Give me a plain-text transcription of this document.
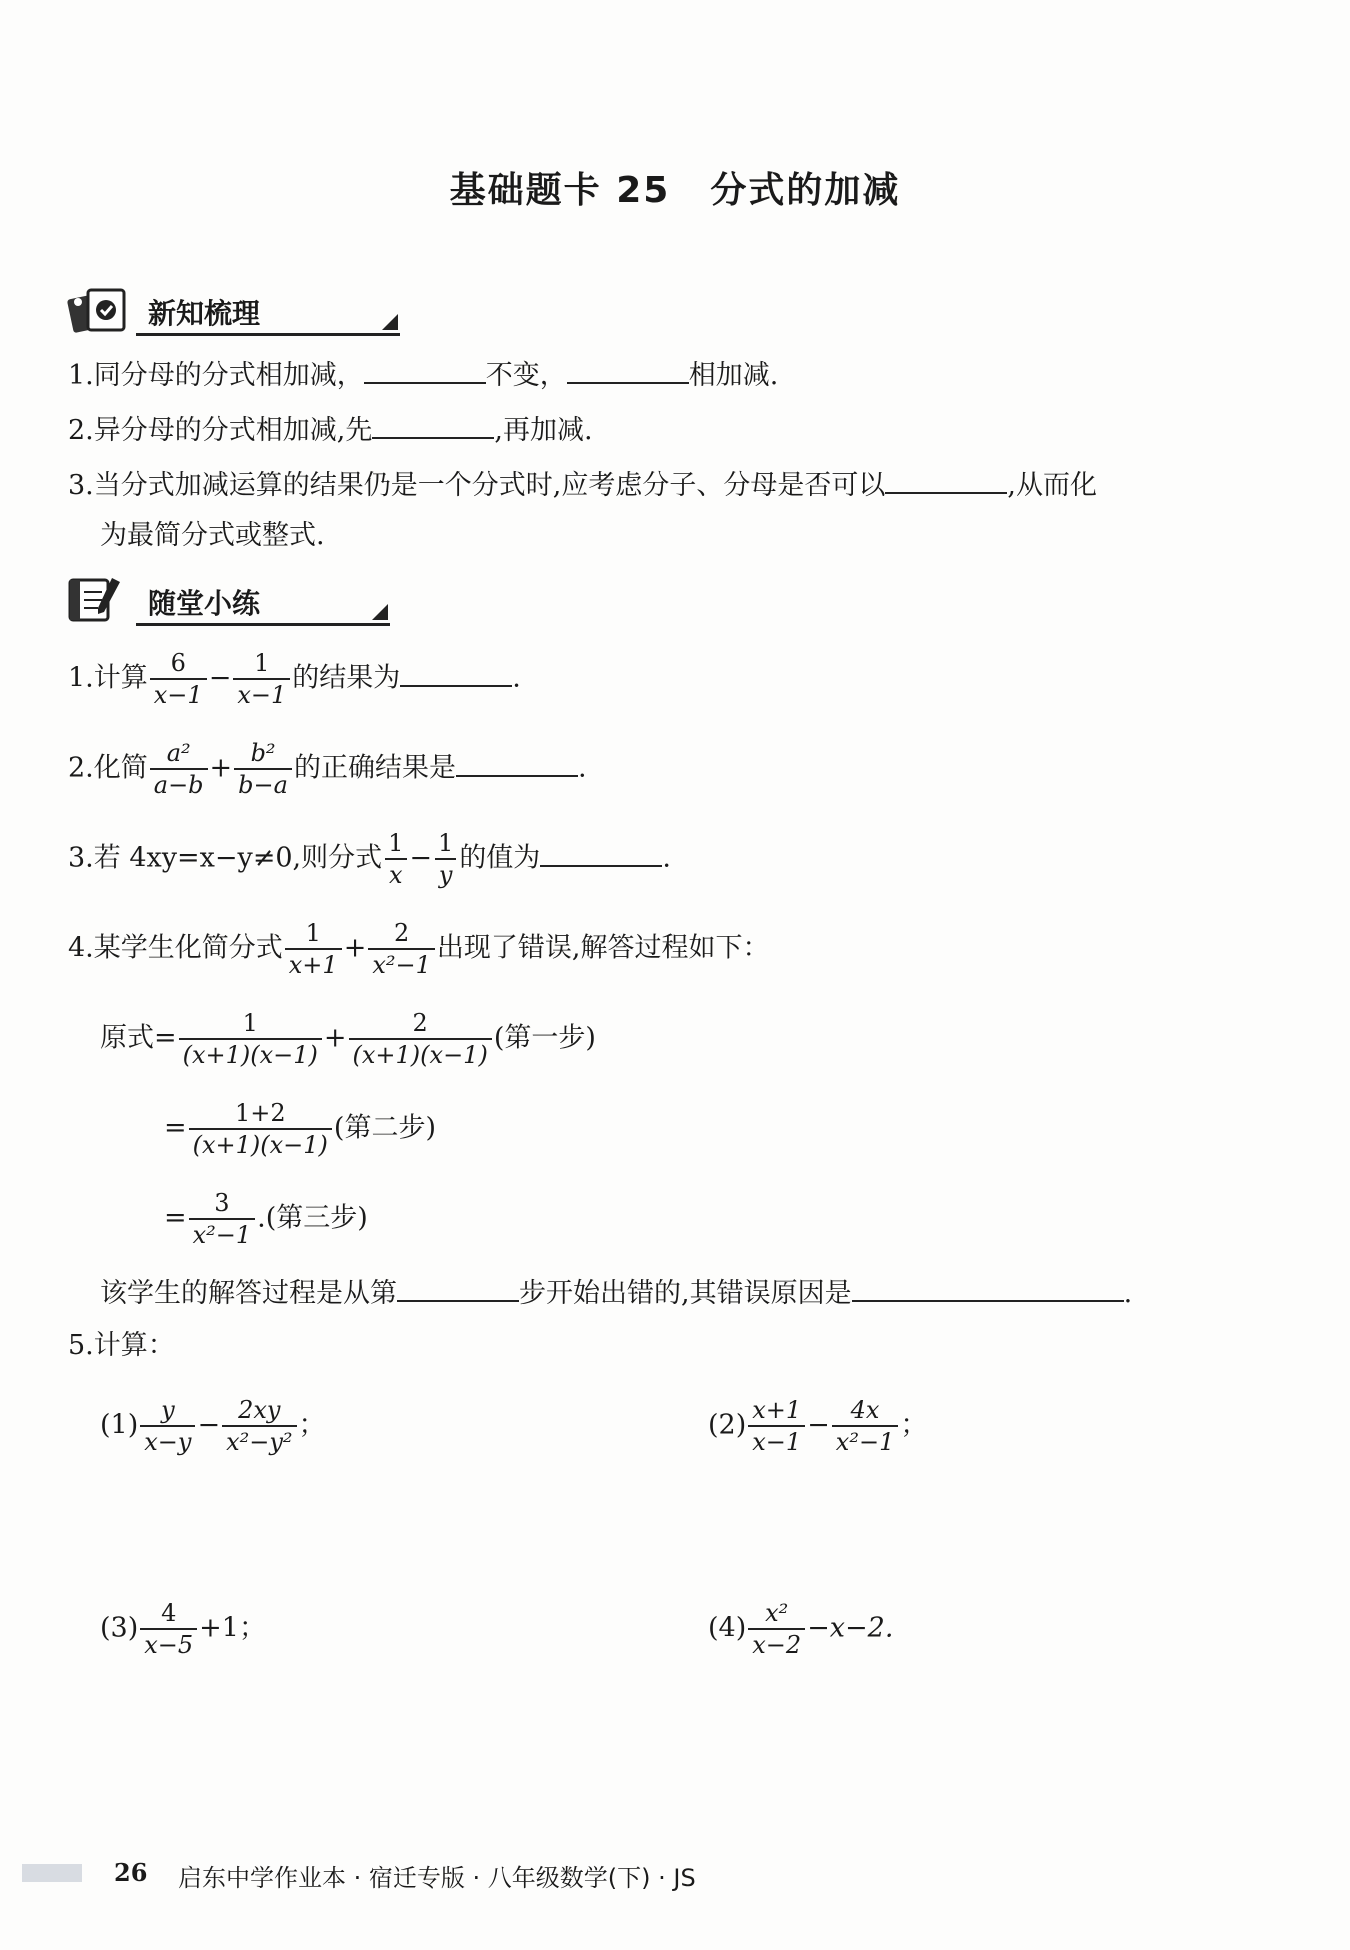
基础题卡 25 分式的加减
新知梳理
1.同分母的分式相加减，	不变，	相加减.
2.异分母的分式相加减,先	,再加减.
3.当分式加减运算的结果仍是一个分式时,应考虑分子、分母是否可以	,从而化
为最简分式或整式.
随堂小练
1.计算 $\frac{6}{x-1} - \frac{1}{x-1}$ 的结果为	.
2.化简 $\frac{\text{a²}}{a-b} + \frac{\text{b²}}{b-a}$ 的正确结果是	.
3.若 4xy=x−y≠0,则分式 $\frac{1}{x} - \frac{1}{y}$ 的值为	.
4.某学生化简分式 $\frac{1}{x+1} + \frac{2}{\text{x²−1}}$ 出现了错误,解答过程如下：
原式= $\frac{1}{(x+1)(x-1)} + \frac{2}{(x+1)(x-1)}$ (第一步)
= $\frac{1+2}{(x+1)(x-1)}$ (第二步)
= $\frac{3}{\text{x²−1}}$ .(第三步)
该学生的解答过程是从第	步开始出错的,其错误原因是	.
5.计算：
$(1) \frac{y}{x-y} - \frac{2xy}{\text{x²−y²}}$ ；	$(2) \frac{x+1}{x-1} - \frac{4x}{\text{x²−1}}$ ；
$(3) \frac{4}{x-5} +1$；	$(4) \frac{\text{x²}}{x-2} -x-2$.
26 启东中学作业本 · 宿迁专版 · 八年级数学(下) · JS
